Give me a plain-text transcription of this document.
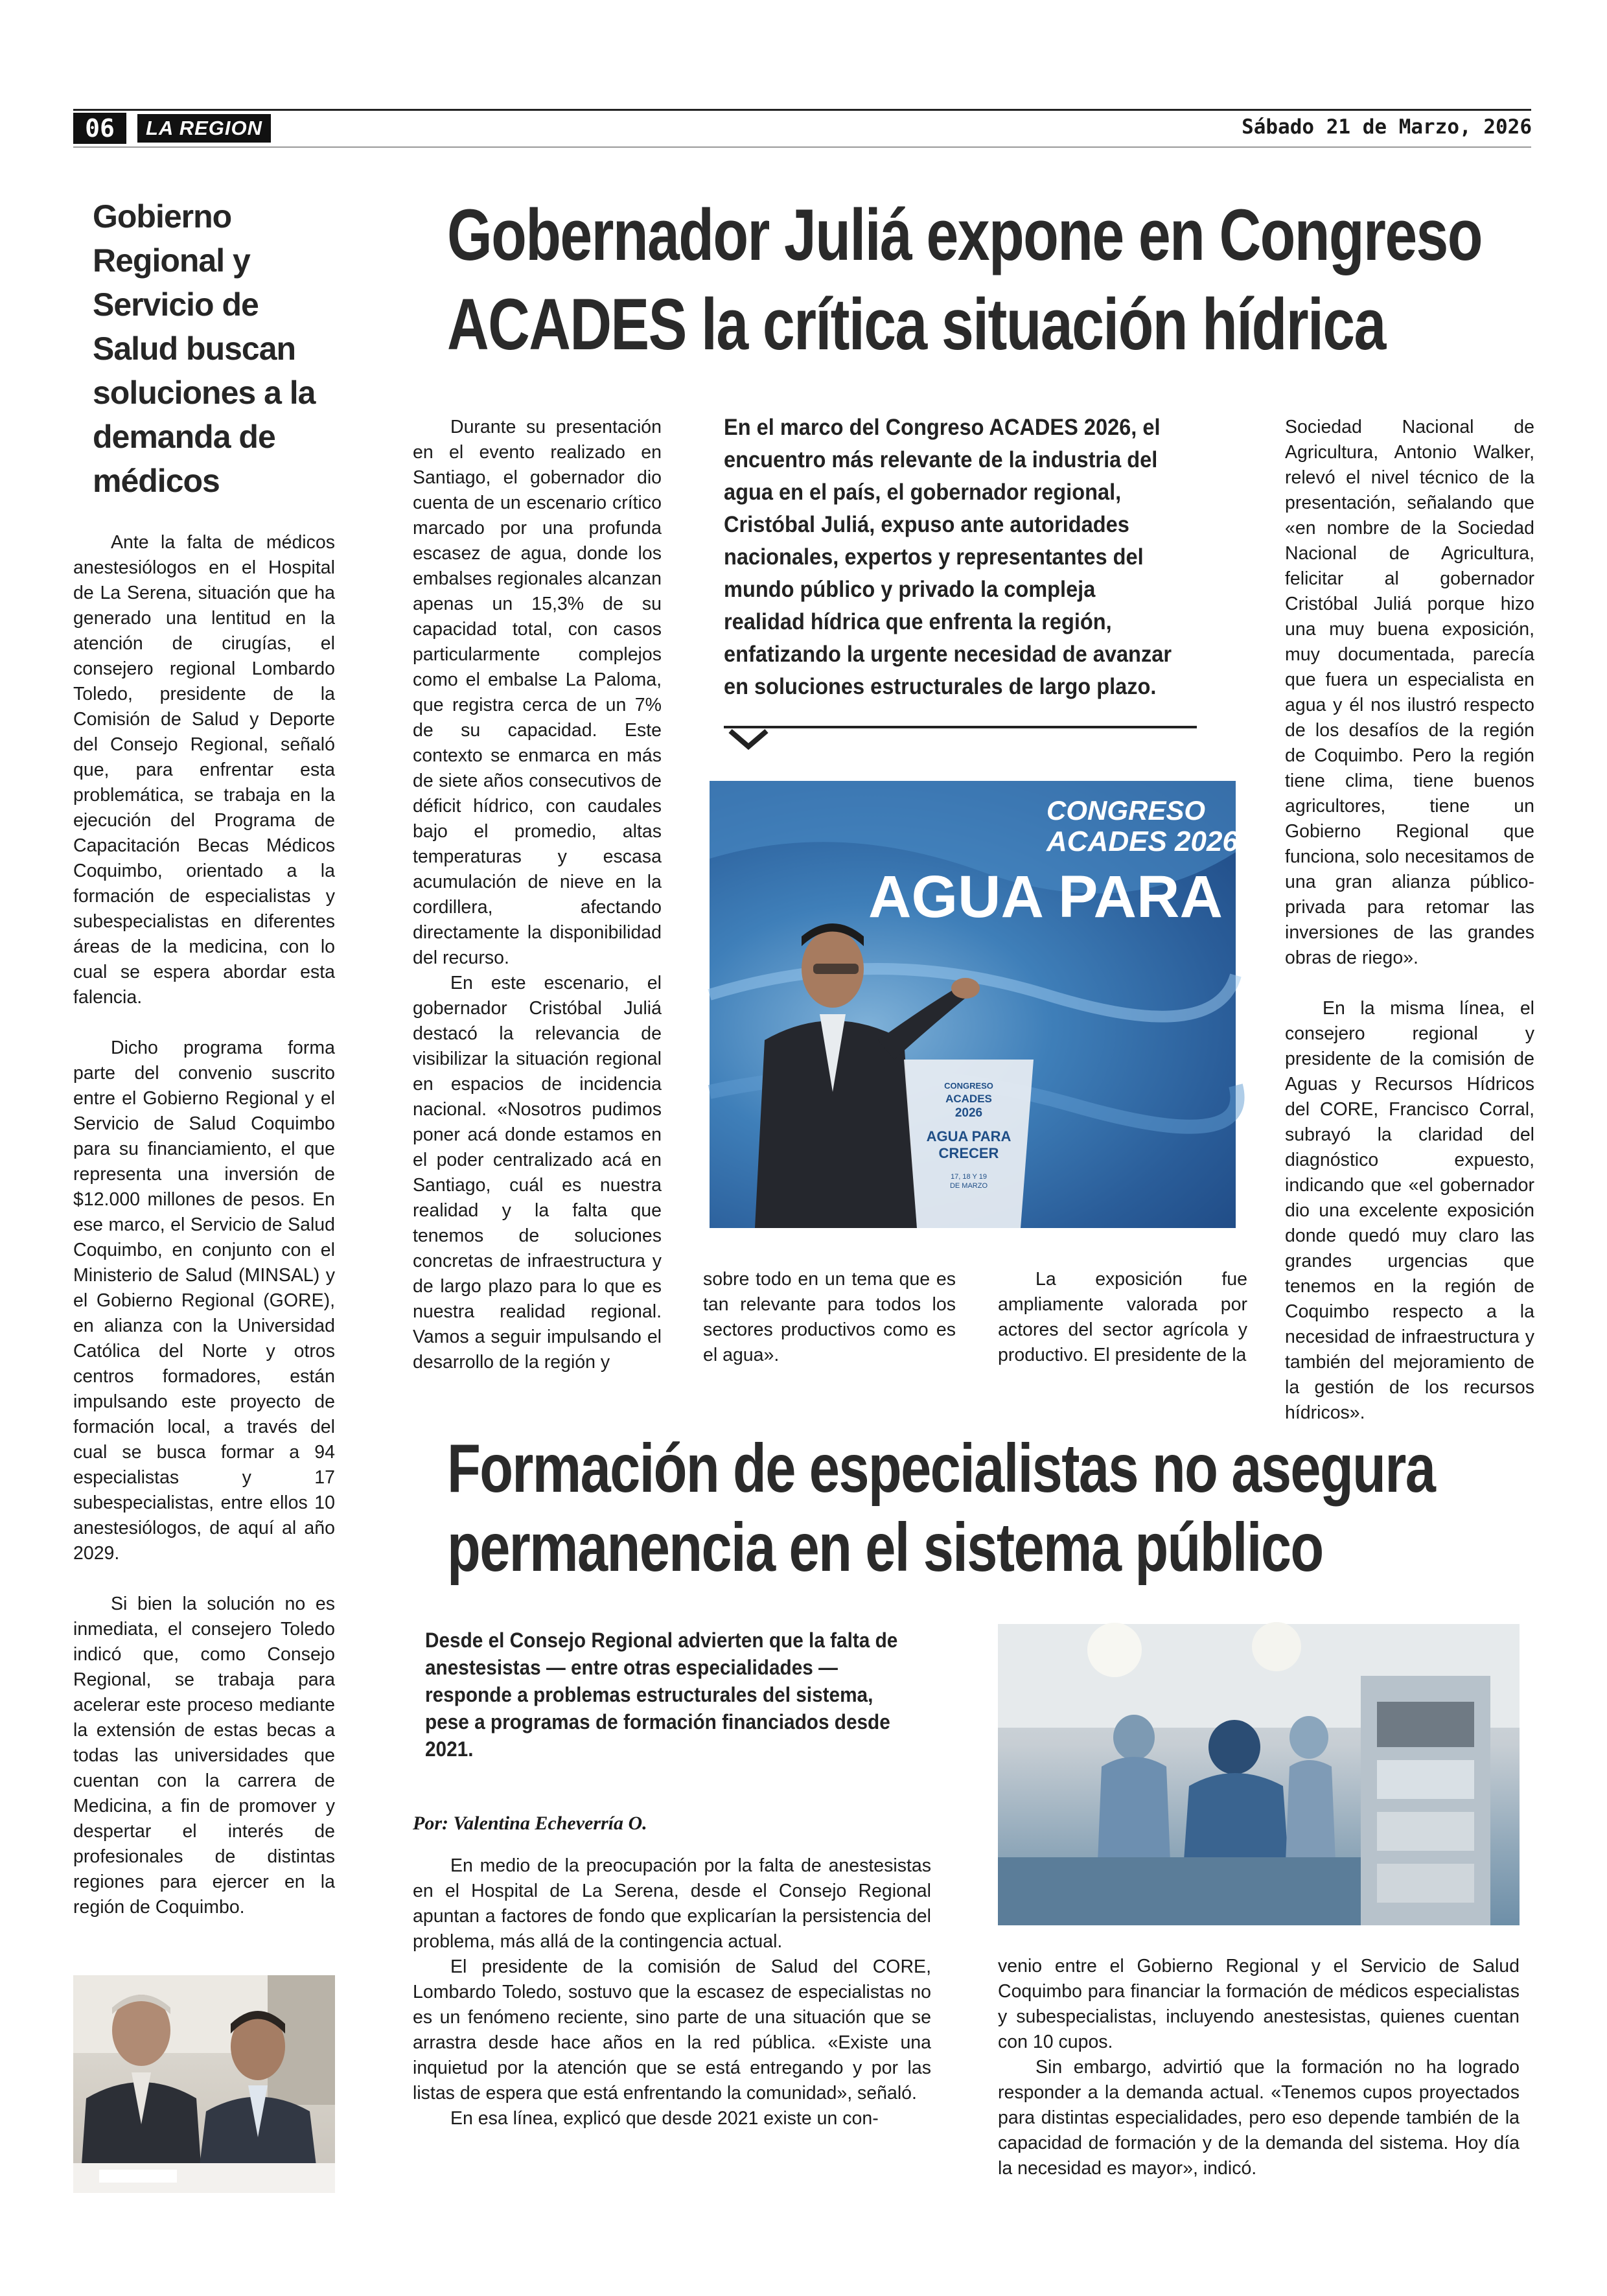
06	LA REGION	Sábado 21 de Marzo, 2026
Gobierno Regional y Servicio de Salud buscan soluciones a la demanda de médicos

Ante la falta de médicos anestesiólogos en el Hospital de La Serena, situación que ha generado una lentitud en la atención de cirugías, el consejero regional Lombardo Toledo, presidente de la Comisión de Salud y Deporte del Consejo Regional, señaló que, para enfrentar esta problemática, se trabaja en la ejecución del Programa de Capacitación Becas Médicos Coquimbo, orientado a la formación de especialistas y subespecialistas en diferentes áreas de la medicina, con lo cual se espera abordar esta falencia.

Dicho programa forma parte del convenio suscrito entre el Gobierno Regional y el Servicio de Salud Coquimbo para su financiamiento, el que representa una inversión de $12.000 millones de pesos. En ese marco, el Servicio de Salud Coquimbo, en conjunto con el Ministerio de Salud (MINSAL) y el Gobierno Regional (GORE), en alianza con la Universidad Católica del Norte y otros centros formadores, están impulsando este proyecto de formación local, a través del cual se busca formar a 94 especialistas y 17 subespecialistas, entre ellos 10 anestesiólogos, de aquí al año 2029.

Si bien la solución no es inmediata, el consejero Toledo indicó que, como Consejo Regional, se trabaja para acelerar este proceso mediante la extensión de estas becas a todas las universidades que cuentan con la carrera de Medicina, a fin de promover y despertar el interés de profesionales de distintas regiones para ejercer en la región de Coquimbo.

Gobernador Juliá expone en Congreso
ACADES la crítica situación hídrica

Durante su presentación en el evento realizado en Santiago, el gobernador dio cuenta de un escenario crítico marcado por una profunda escasez de agua, donde los embalses regionales alcanzan apenas un 15,3% de su capacidad total, con casos particularmente complejos como el embalse La Paloma, que registra cerca de un 7% de su capacidad. Este contexto se enmarca en más de siete años consecutivos de déficit hídrico, con caudales bajo el promedio, altas temperaturas y escasa acumulación de nieve en la cordillera, afectando directamente la disponibilidad del recurso.

En este escenario, el gobernador Cristóbal Juliá destacó la relevancia de visibilizar la situación regional en espacios de incidencia nacional. «Nosotros pudimos poner acá donde estamos en el poder centralizado acá en Santiago, cuál es nuestra realidad y la falta que tenemos de soluciones concretas de infraestructura y de largo plazo para lo que es nuestra realidad regional. Vamos a seguir impulsando el desarrollo de la región y

En el marco del Congreso ACADES 2026, el encuentro más relevante de la industria del agua en el país, el gobernador regional, Cristóbal Juliá, expuso ante autoridades nacionales, expertos y representantes del mundo público y privado la compleja realidad hídrica que enfrenta la región, enfatizando la urgente necesidad de avanzar en soluciones estructurales de largo plazo.
CONGRESO
ACADES 2026
AGUA PARA C
CONGRESO
ACADES
2026
AGUA PARA
CRECER
17, 18 Y 19
DE MARZO

sobre todo en un tema que es tan relevante para todos los sectores productivos como es el agua».

La exposición fue ampliamente valorada por actores del sector agrícola y productivo. El presidente de la

Sociedad Nacional de Agricultura, Antonio Walker, relevó el nivel técnico de la presentación, señalando que «en nombre de la Sociedad Nacional de Agricultura, felicitar al gobernador Cristóbal Juliá porque hizo una muy buena exposición, muy documentada, parecía que fuera un especialista en agua y él nos ilustró respecto de los desafíos de la región de Coquimbo. Pero la región tiene clima, tiene buenos agricultores, tiene un Gobierno Regional que funciona, solo necesitamos de una gran alianza público-privada para retomar las inversiones de las grandes obras de riego».

En la misma línea, el consejero regional y presidente de la comisión de Aguas y Recursos Hídricos del CORE, Francisco Corral, subrayó la claridad del diagnóstico expuesto, indicando que «el gobernador dio una excelente exposición donde quedó muy claro las grandes urgencias que tenemos en la región de Coquimbo respecto a la necesidad de infraestructura y también del mejoramiento de la gestión de los recursos hídricos».

Formación de especialistas no asegura
permanencia en el sistema público
Desde el Consejo Regional advierten que la falta de anestesistas — entre otras especialidades — responde a problemas estructurales del sistema, pese a programas de formación financiados desde 2021.
Por: Valentina Echeverría O.

En medio de la preocupación por la falta de anestesistas en el Hospital de La Serena, desde el Consejo Regional apuntan a factores de fondo que explicarían la persistencia del problema, más allá de la contingencia actual.

El presidente de la comisión de Salud del CORE, Lombardo Toledo, sostuvo que la escasez de especialistas no es un fenómeno reciente, sino parte de una situación que se arrastra desde hace años en la red pública. «Existe una inquietud por la atención que se está entregando y por las listas de espera que está enfrentando la comunidad», señaló.

En esa línea, explicó que desde 2021 existe un con-

venio entre el Gobierno Regional y el Servicio de Salud Coquimbo para financiar la formación de médicos especialistas y subespecialistas, incluyendo anestesistas, quienes cuentan con 10 cupos.

Sin embargo, advirtió que la formación no ha logrado responder a la demanda actual. «Tenemos cupos proyectados para distintas especialidades, pero eso depende también de la capacidad de formación y de la demanda del sistema. Hoy día la necesidad es mayor», indicó.
